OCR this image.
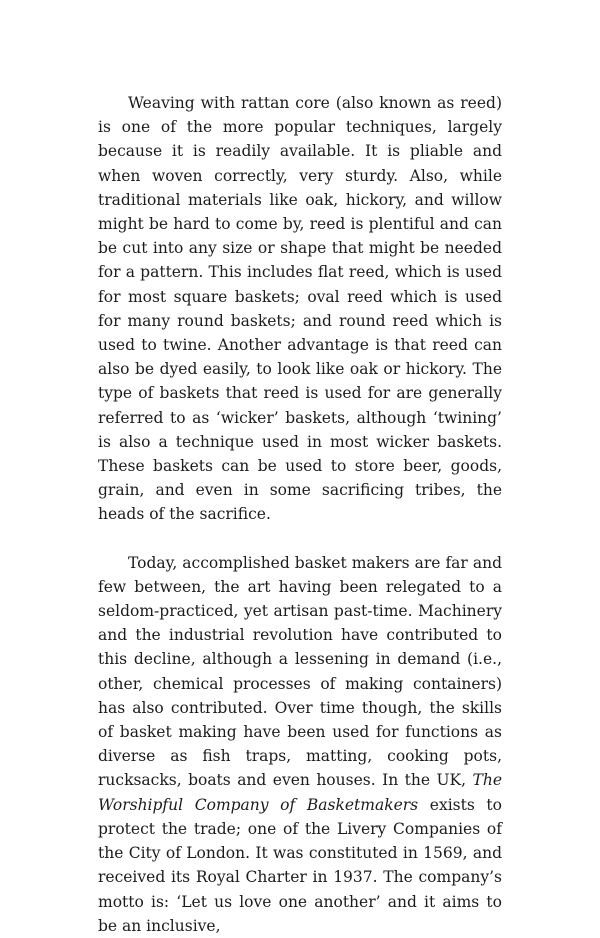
Weaving with rattan core (also known as reed) is one of the more popular techniques, largely because it is readily available. It is pliable and when woven correctly, very sturdy. Also, while traditional materials like oak, hickory, and willow might be hard to come by, reed is plentiful and can be cut into any size or shape that might be needed for a pattern. This includes flat reed, which is used for most square baskets; oval reed which is used for many round baskets; and round reed which is used to twine. Another advantage is that reed can also be dyed easily, to look like oak or hickory. The type of baskets that reed is used for are generally referred to as ‘wicker’ baskets, although ‘twining’ is also a technique used in most wicker baskets. These baskets can be used to store beer, goods, grain, and even in some sacrificing tribes, the heads of the sacrifice.

Today, accomplished basket makers are far and few between, the art having been relegated to a seldom-practiced, yet artisan past-time. Machinery and the industrial revolution have contributed to this decline, although a lessening in demand (i.e., other, chemical processes of making containers) has also contributed. Over time though, the skills of basket making have been used for functions as diverse as fish traps, matting, cooking pots, rucksacks, boats and even houses. In the UK, The Worshipful Company of Basketmakers exists to protect the trade; one of the Livery Companies of the City of London. It was constituted in 1569, and received its Royal Charter in 1937. The company’s motto is: ‘Let us love one another’ and it aims to be an inclusive,
